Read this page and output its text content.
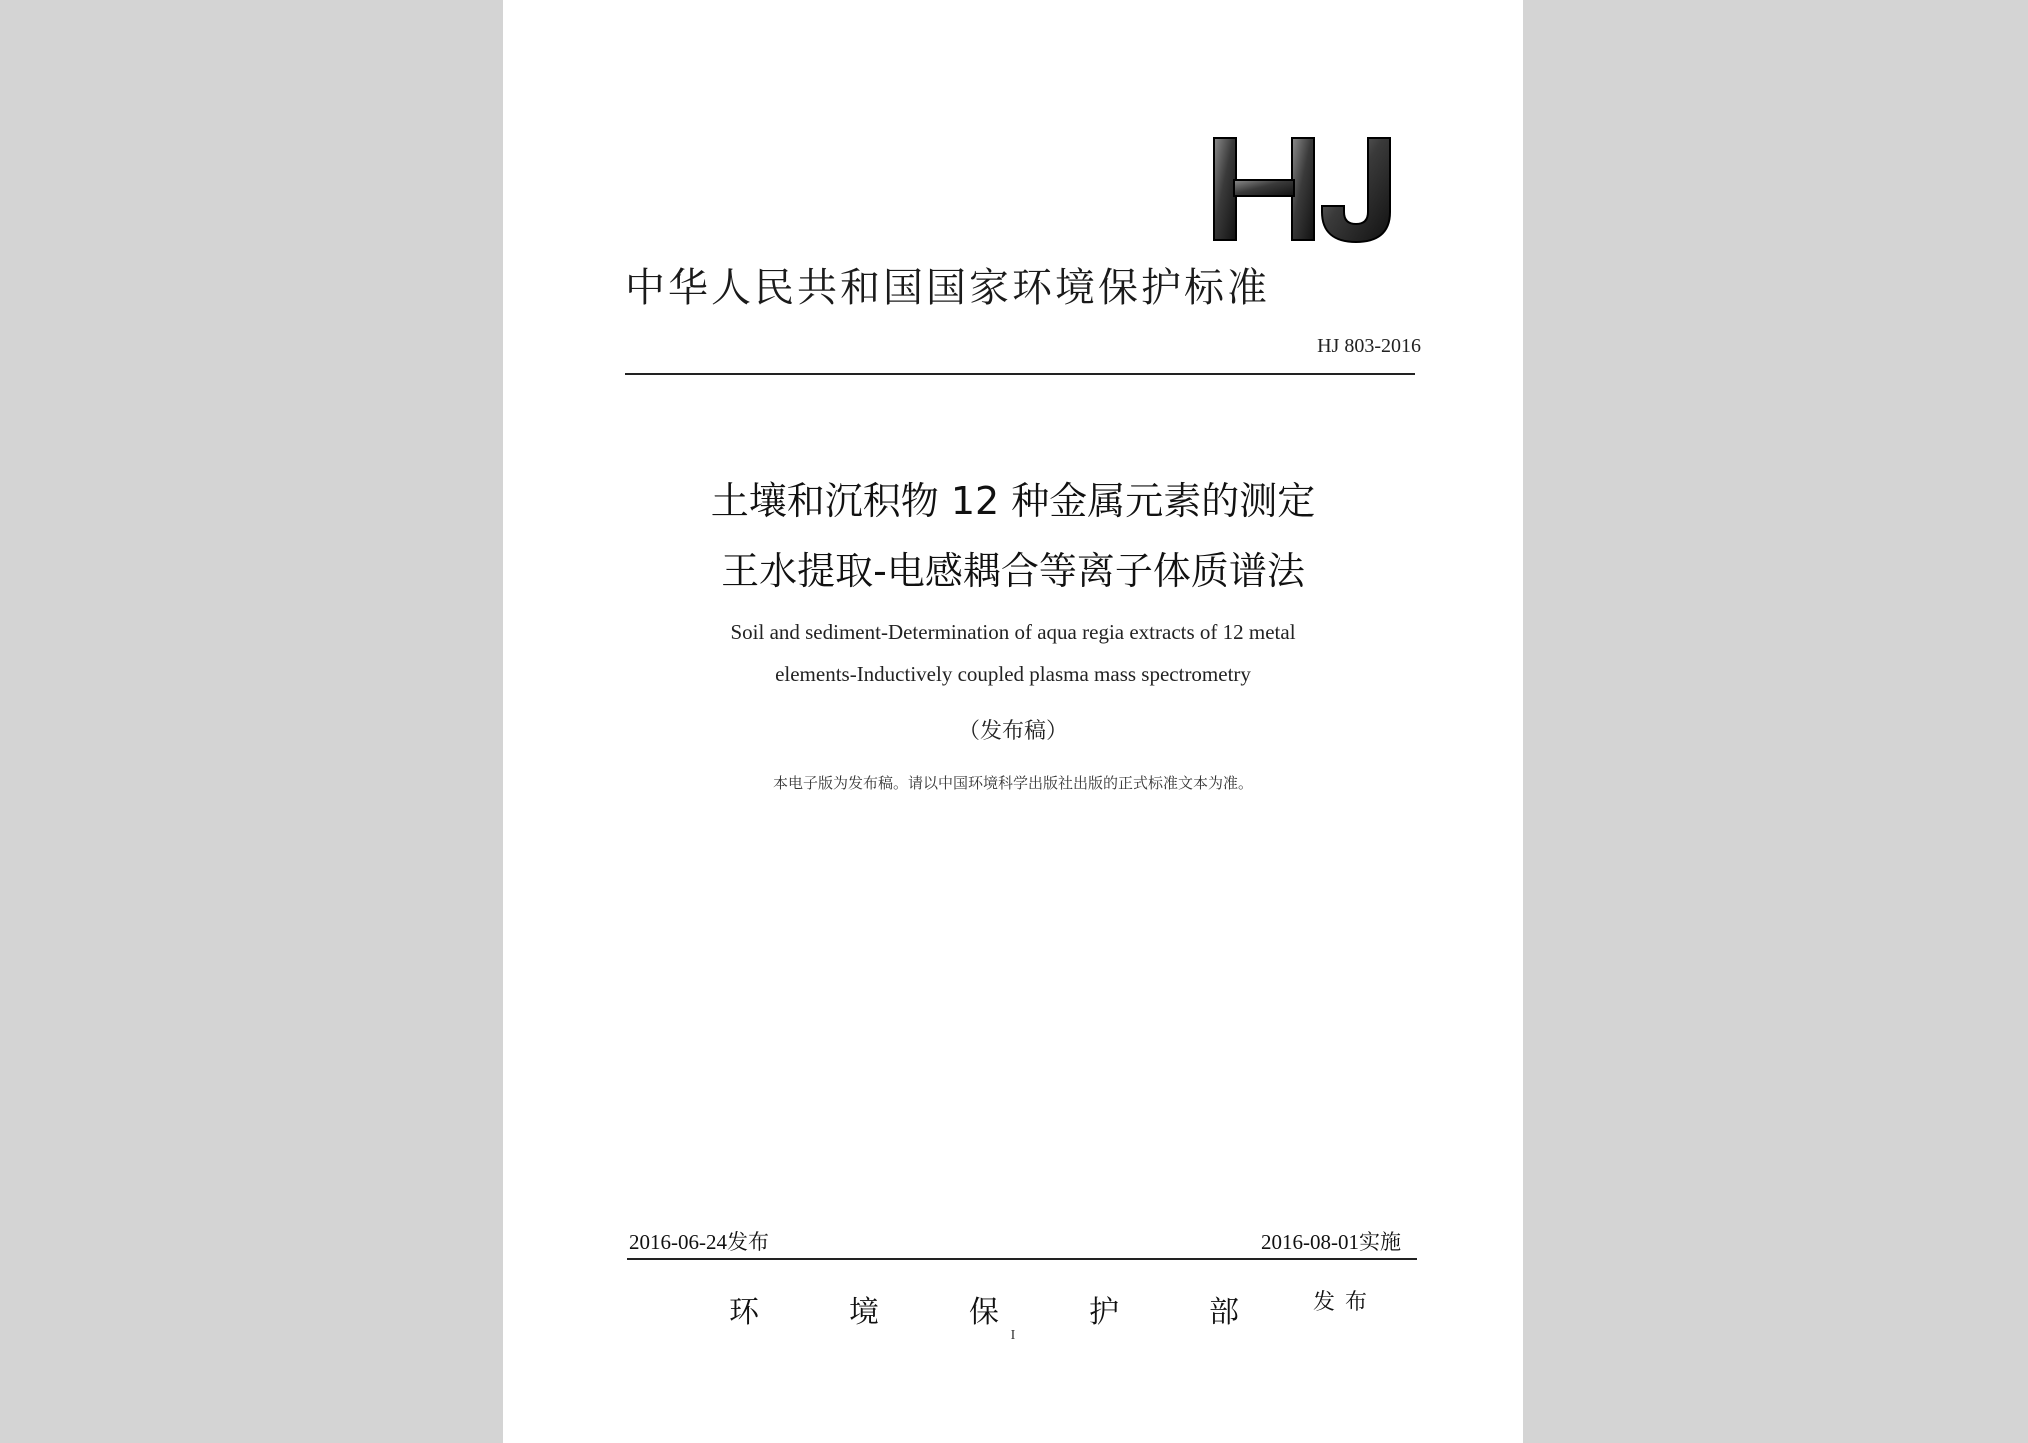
中华人民共和国国家环境保护标准
HJ 803-2016
土壤和沉积物 12 种金属元素的测定
王水提取-电感耦合等离子体质谱法
Soil and sediment-Determination of aqua regia extracts of 12 metal
elements-Inductively coupled plasma mass spectrometry
（发布稿）
本电子版为发布稿。请以中国环境科学出版社出版的正式标准文本为准。
2016-06-24发布	2016-08-01实施
环	境	保	护	部	发布
I
